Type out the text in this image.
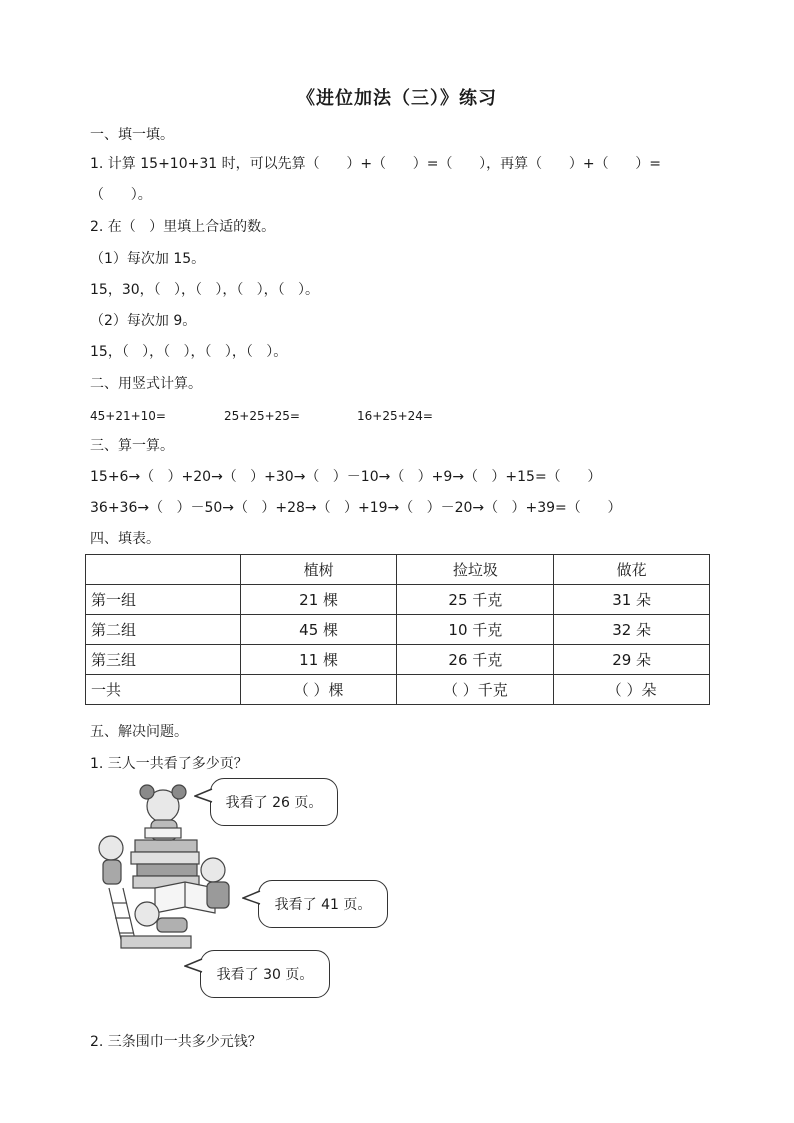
《进位加法（三）》练习
一、填一填。
1. 计算 15+10+31 时，可以先算（      ）+（      ）=（      ），再算（      ）+（      ）=
（      ）。
2. 在（   ）里填上合适的数。
（1）每次加 15。
15，30，（   ），（   ），（   ），（   ）。
（2）每次加 9。
15，（   ），（   ），（   ），（   ）。
二、用竖式计算。
45+21+10=	25+25+25=	16+25+24=
三、算一算。
15+6→（   ）+20→（   ）+30→（   ）－10→（   ）+9→（   ）+15=（      ）
36+36→（   ）－50→（   ）+28→（   ）+19→（   ）－20→（   ）+39=（      ）
四、填表。
	植树	捡垃圾	做花
第一组	21 棵	25 千克	31 朵
第二组	45 棵	10 千克	32 朵
第三组	11 棵	26 千克	29 朵
一共	（ ）棵	（ ）千克	（ ）朵
五、解决问题。
1. 三人一共看了多少页？
我看了 26 页。
我看了 41 页。
我看了 30 页。
2. 三条围巾一共多少元钱？
